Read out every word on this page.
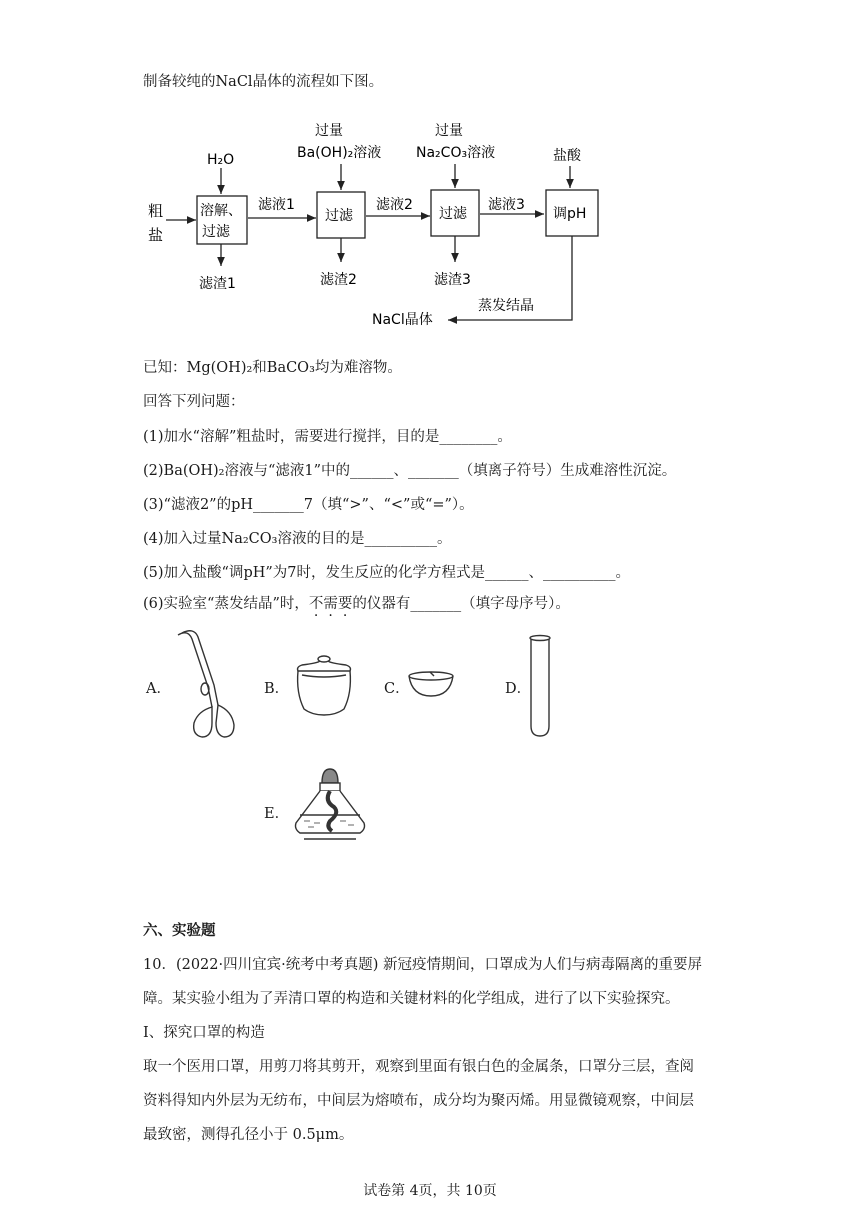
制备较纯的NaCl晶体的流程如下图。
粗
盐
H₂O
溶解、
过滤
滤渣1
滤液1
过量
Ba(OH)₂溶液
过滤
滤渣2
滤液2
过量
Na₂CO₃溶液
过滤
滤渣3
滤液3
盐酸
调pH
蒸发结晶
NaCl晶体
已知：Mg(OH)₂和BaCO₃均为难溶物。
回答下列问题：
(1)加水“溶解”粗盐时，需要进行搅拌，目的是________。
(2)Ba(OH)₂溶液与“滤液1”中的______、_______（填离子符号）生成难溶性沉淀。
(3)“滤液2”的pH_______7（填“>”、“<”或“=”）。
(4)加入过量Na₂CO₃溶液的目的是__________。
(5)加入盐酸“调pH”为7时，发生反应的化学方程式是______、__________。
(6)实验室“蒸发结晶”时，不需要的仪器有_______（填字母序号）。
A．	B．	C．	D．
E．
六、实验题
10．(2022·四川宜宾·统考中考真题) 新冠疫情期间，口罩成为人们与病毒隔离的重要屏
障。某实验小组为了弄清口罩的构造和关键材料的化学组成，进行了以下实验探究。
I、探究口罩的构造
取一个医用口罩，用剪刀将其剪开，观察到里面有银白色的金属条，口罩分三层，查阅
资料得知内外层为无纺布，中间层为熔喷布，成分均为聚丙烯。用显微镜观察，中间层
最致密，测得孔径小于 0.5μm。
试卷第 4页，共 10页
